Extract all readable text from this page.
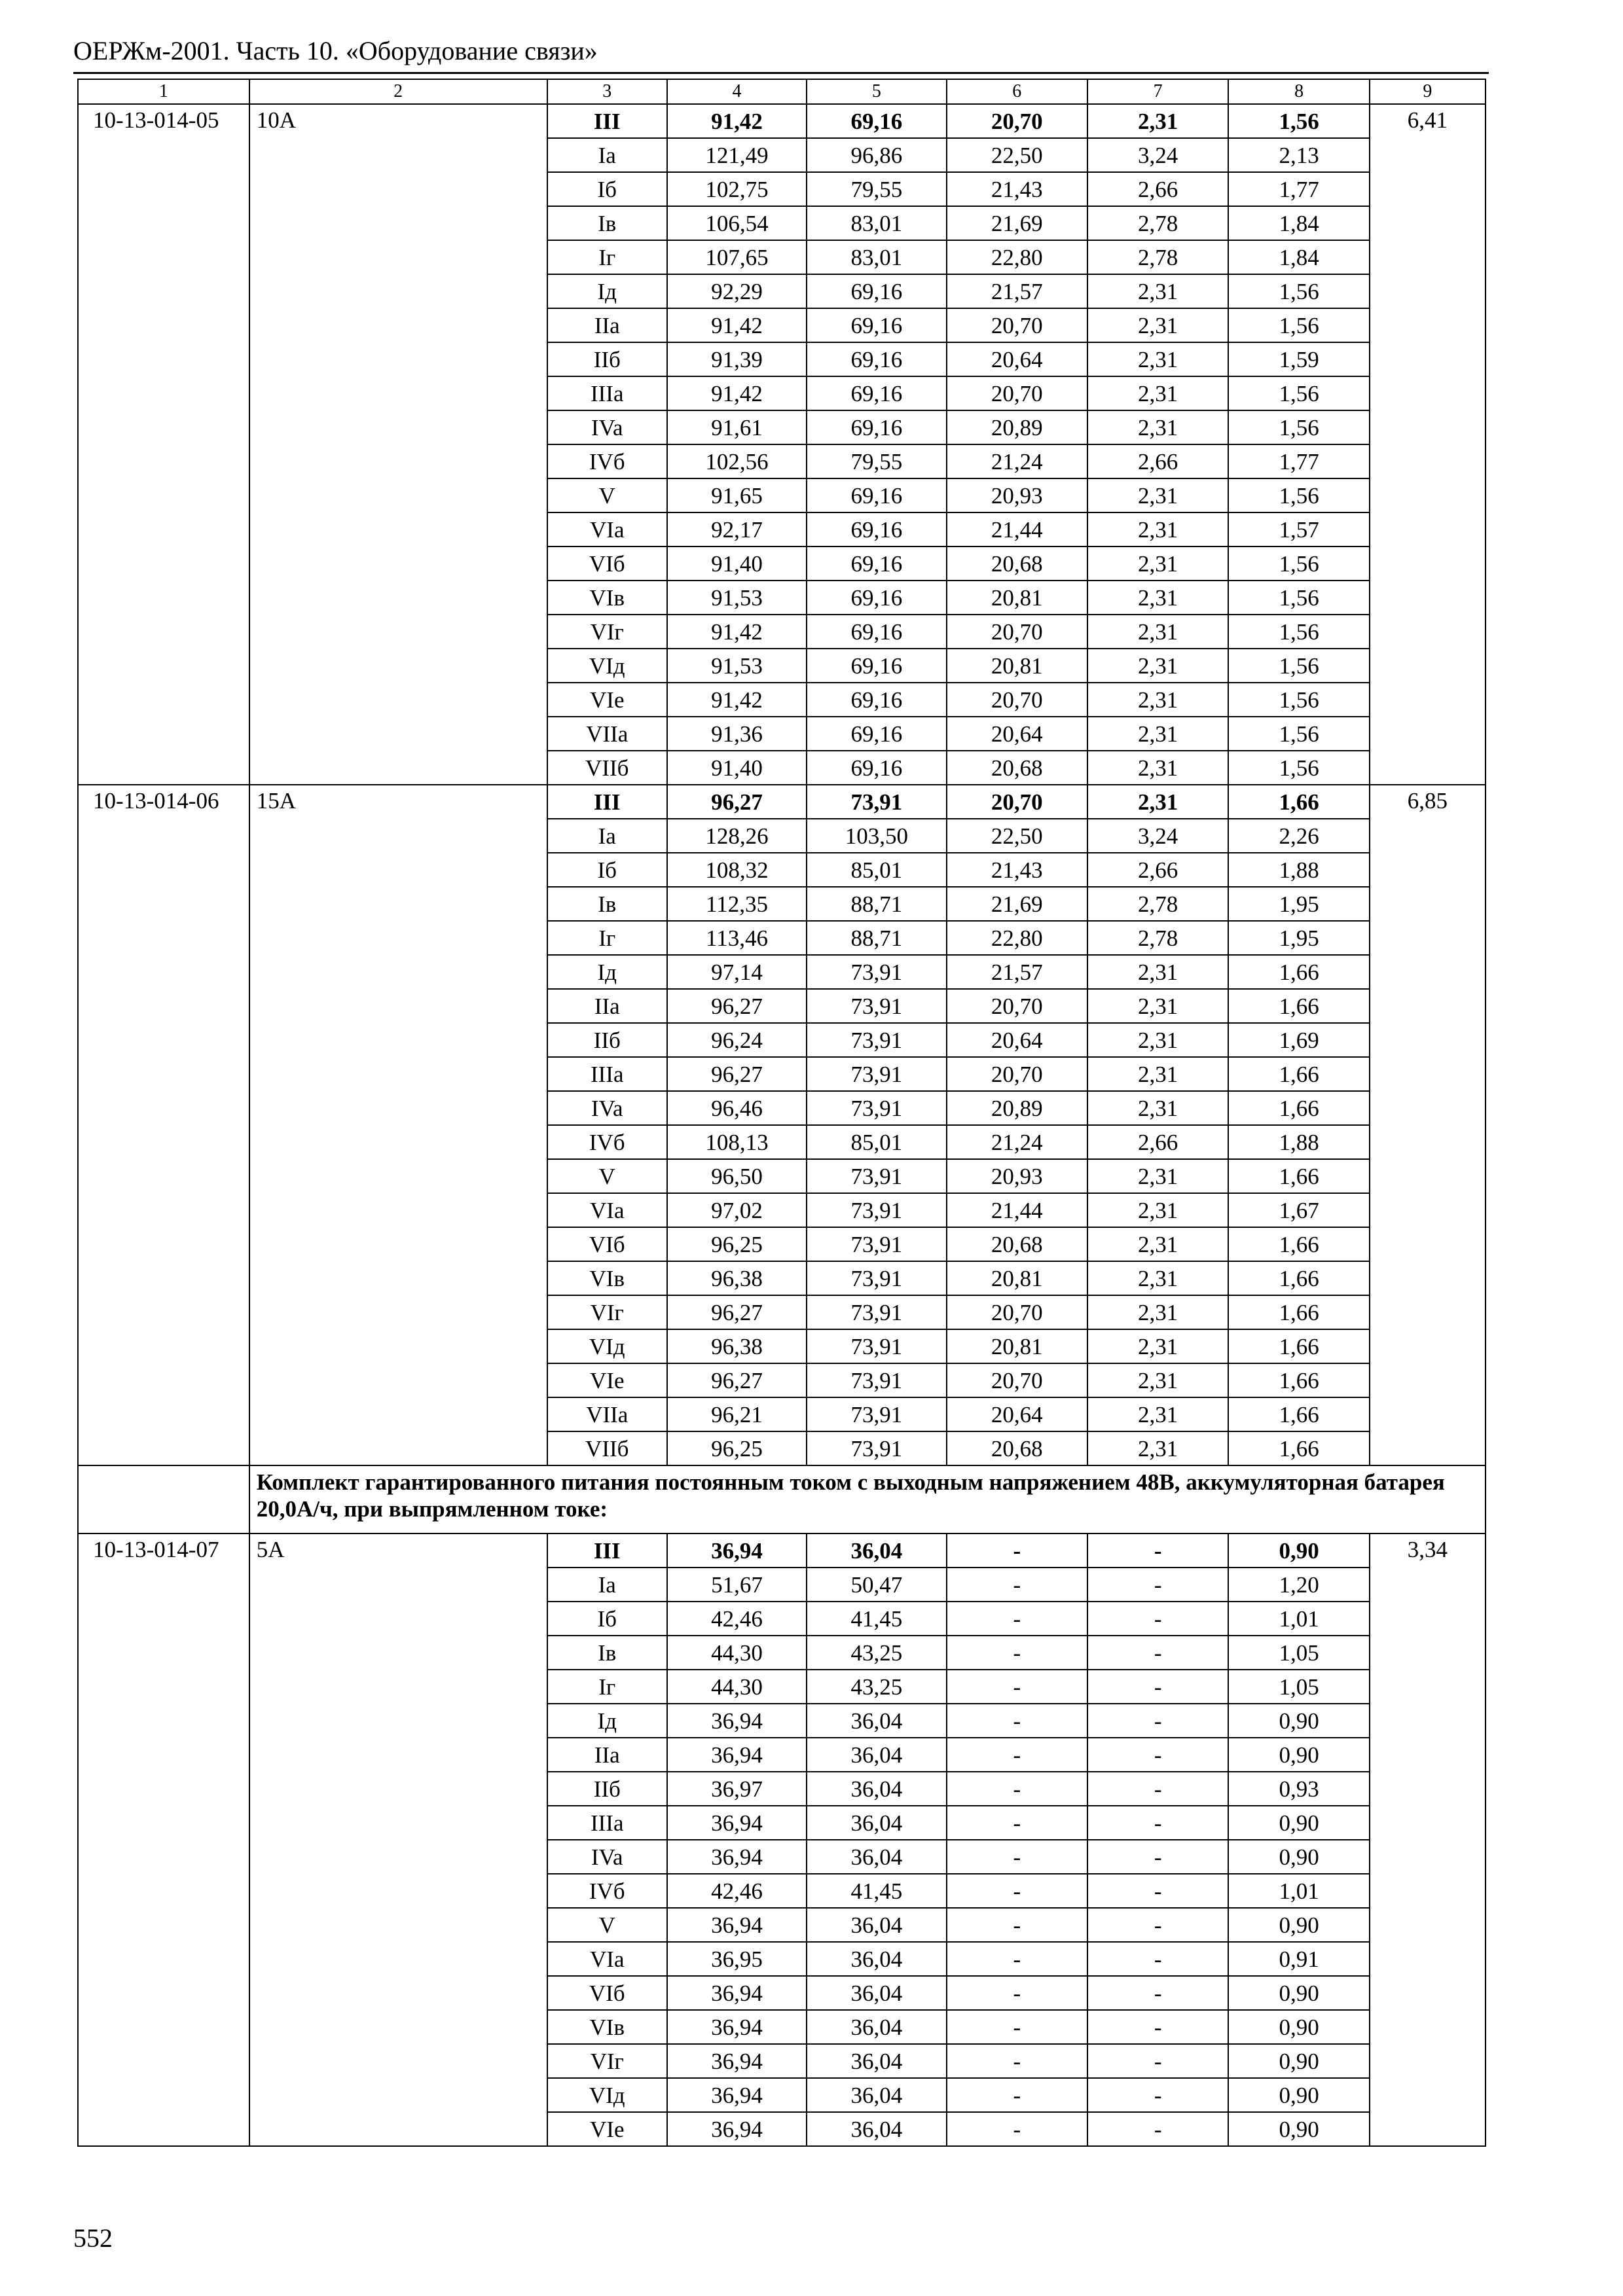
ОЕРЖм-2001. Часть 10. «Оборудование связи»
1	2	3	4	5	6	7	8	9
10-13-014-05	10A	III	91,42	69,16	20,70	2,31	1,56	6,41
		Ia	121,49	96,86	22,50	3,24	2,13	
		Iб	102,75	79,55	21,43	2,66	1,77	
		Iв	106,54	83,01	21,69	2,78	1,84	
		Iг	107,65	83,01	22,80	2,78	1,84	
		Iд	92,29	69,16	21,57	2,31	1,56	
		IIa	91,42	69,16	20,70	2,31	1,56	
		IIб	91,39	69,16	20,64	2,31	1,59	
		IIIa	91,42	69,16	20,70	2,31	1,56	
		IVa	91,61	69,16	20,89	2,31	1,56	
		IVб	102,56	79,55	21,24	2,66	1,77	
		V	91,65	69,16	20,93	2,31	1,56	
		VIa	92,17	69,16	21,44	2,31	1,57	
		VIб	91,40	69,16	20,68	2,31	1,56	
		VIв	91,53	69,16	20,81	2,31	1,56	
		VIг	91,42	69,16	20,70	2,31	1,56	
		VIд	91,53	69,16	20,81	2,31	1,56	
		VIe	91,42	69,16	20,70	2,31	1,56	
		VIIa	91,36	69,16	20,64	2,31	1,56	
		VIIб	91,40	69,16	20,68	2,31	1,56	
10-13-014-06	15A	III	96,27	73,91	20,70	2,31	1,66	6,85
		Ia	128,26	103,50	22,50	3,24	2,26	
		Iб	108,32	85,01	21,43	2,66	1,88	
		Iв	112,35	88,71	21,69	2,78	1,95	
		Iг	113,46	88,71	22,80	2,78	1,95	
		Iд	97,14	73,91	21,57	2,31	1,66	
		IIa	96,27	73,91	20,70	2,31	1,66	
		IIб	96,24	73,91	20,64	2,31	1,69	
		IIIa	96,27	73,91	20,70	2,31	1,66	
		IVa	96,46	73,91	20,89	2,31	1,66	
		IVб	108,13	85,01	21,24	2,66	1,88	
		V	96,50	73,91	20,93	2,31	1,66	
		VIa	97,02	73,91	21,44	2,31	1,67	
		VIб	96,25	73,91	20,68	2,31	1,66	
		VIв	96,38	73,91	20,81	2,31	1,66	
		VIг	96,27	73,91	20,70	2,31	1,66	
		VIд	96,38	73,91	20,81	2,31	1,66	
		VIe	96,27	73,91	20,70	2,31	1,66	
		VIIa	96,21	73,91	20,64	2,31	1,66	
		VIIб	96,25	73,91	20,68	2,31	1,66	
	Комплект гарантированного питания постоянным током с выходным напряжением 48В, аккумуляторная батарея 20,0А/ч, при выпрямленном токе:							
10-13-014-07	5A	III	36,94	36,04	-	-	0,90	3,34
		Ia	51,67	50,47	-	-	1,20	
		Iб	42,46	41,45	-	-	1,01	
		Iв	44,30	43,25	-	-	1,05	
		Iг	44,30	43,25	-	-	1,05	
		Iд	36,94	36,04	-	-	0,90	
		IIa	36,94	36,04	-	-	0,90	
		IIб	36,97	36,04	-	-	0,93	
		IIIa	36,94	36,04	-	-	0,90	
		IVa	36,94	36,04	-	-	0,90	
		IVб	42,46	41,45	-	-	1,01	
		V	36,94	36,04	-	-	0,90	
		VIa	36,95	36,04	-	-	0,91	
		VIб	36,94	36,04	-	-	0,90	
		VIв	36,94	36,04	-	-	0,90	
		VIг	36,94	36,04	-	-	0,90	
		VIд	36,94	36,04	-	-	0,90	
		VIe	36,94	36,04	-	-	0,90	
552
